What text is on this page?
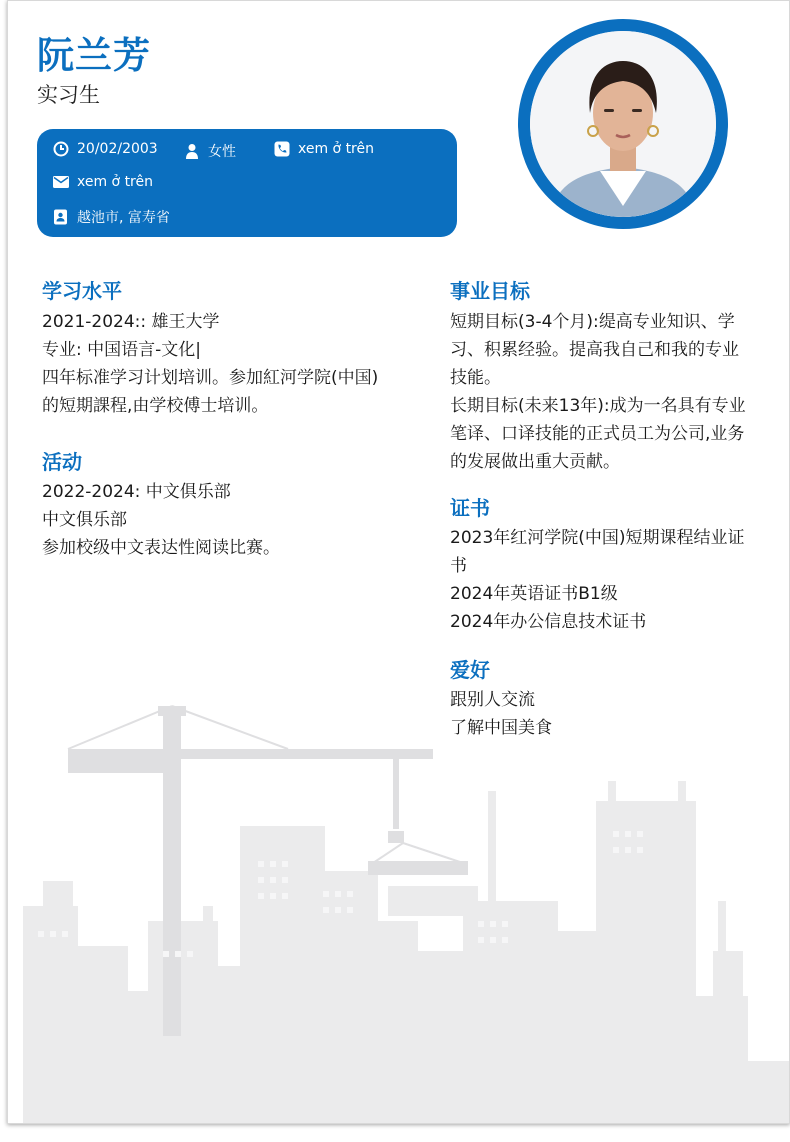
阮兰芳
实习生
20/02/2003	女性	xem ở trên
xem ở trên
越池市, 富寿省
学习水平
2021-2024:: 雄王大学
专业: 中国语言-文化|
四年标准学习计划培训。参加紅河学院(中国)
的短期課程,由学校傅士培训。
活动
2022-2024: 中文俱乐部
中文俱乐部
参加校级中文表达性阅读比赛。
事业目标
短期目标(3-4个月):缇高专业知识、学
习、积累经验。提高我自己和我的专业
技能。
长期目标(未来13年):成为一名具有专业
笔译、口译技能的正式员工为公司,业务
的发展做出重大贡献。
证书
2023年红河学院(中国)短期课程结业证
书
2024年英语证书B1级
2024年办公信息技术证书
爱好
跟别人交流
了解中国美食
